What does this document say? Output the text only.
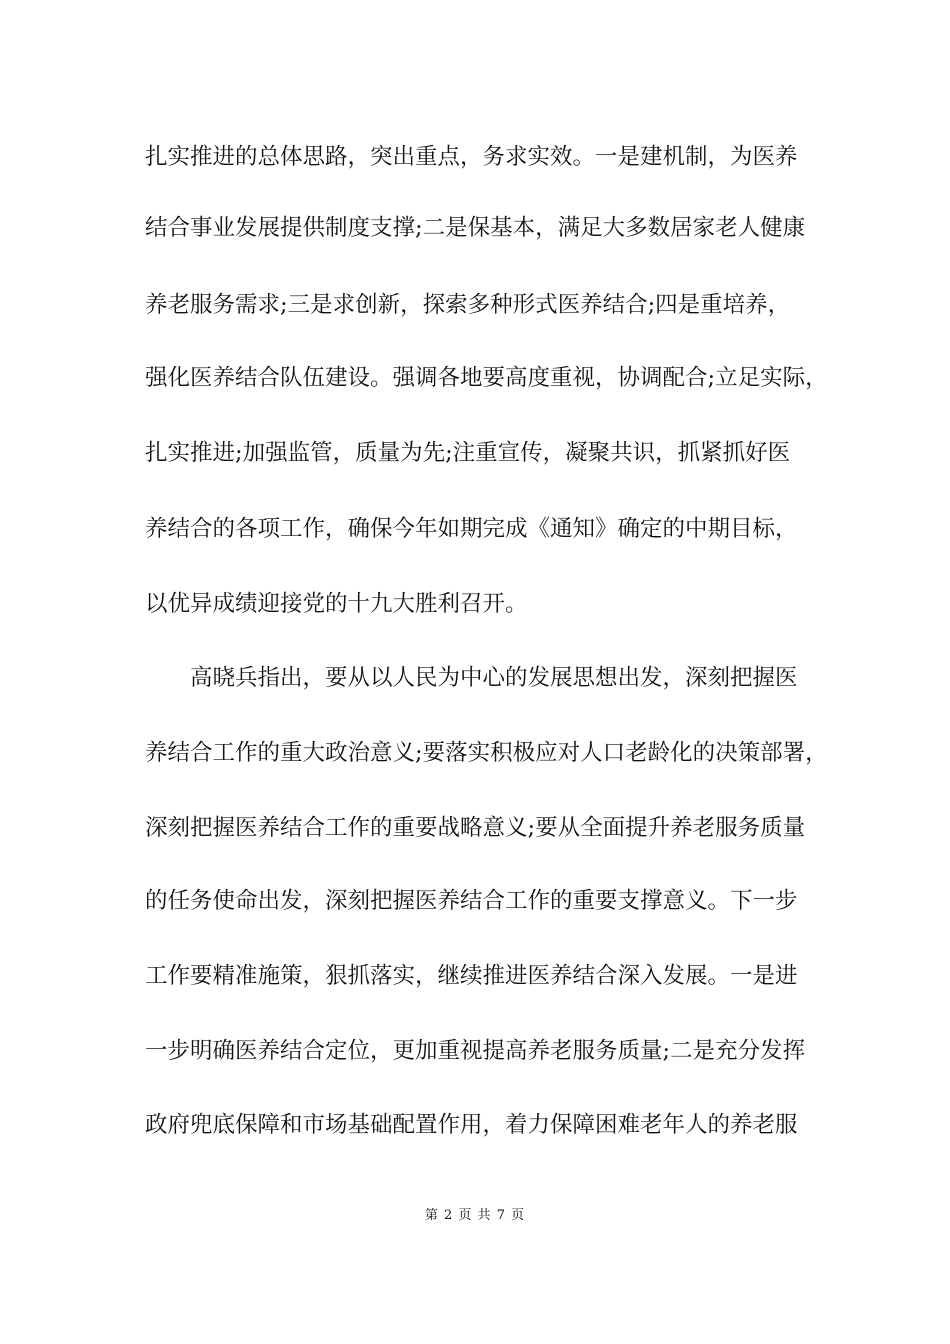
扎实推进的总体思路，突出重点，务求实效。一是建机制，为医养
结合事业发展提供制度支撑;二是保基本，满足大多数居家老人健康
养老服务需求;三是求创新，探索多种形式医养结合;四是重培养，
强化医养结合队伍建设。强调各地要高度重视，协调配合;立足实际，
扎实推进;加强监管，质量为先;注重宣传，凝聚共识，抓紧抓好医
养结合的各项工作，确保今年如期完成《通知》确定的中期目标，
以优异成绩迎接党的十九大胜利召开。
高晓兵指出，要从以人民为中心的发展思想出发，深刻把握医
养结合工作的重大政治意义;要落实积极应对人口老龄化的决策部署，
深刻把握医养结合工作的重要战略意义;要从全面提升养老服务质量
的任务使命出发，深刻把握医养结合工作的重要支撑意义。下一步
工作要精准施策，狠抓落实，继续推进医养结合深入发展。一是进
一步明确医养结合定位，更加重视提高养老服务质量;二是充分发挥
政府兜底保障和市场基础配置作用，着力保障困难老年人的养老服
第 2 页 共 7 页
